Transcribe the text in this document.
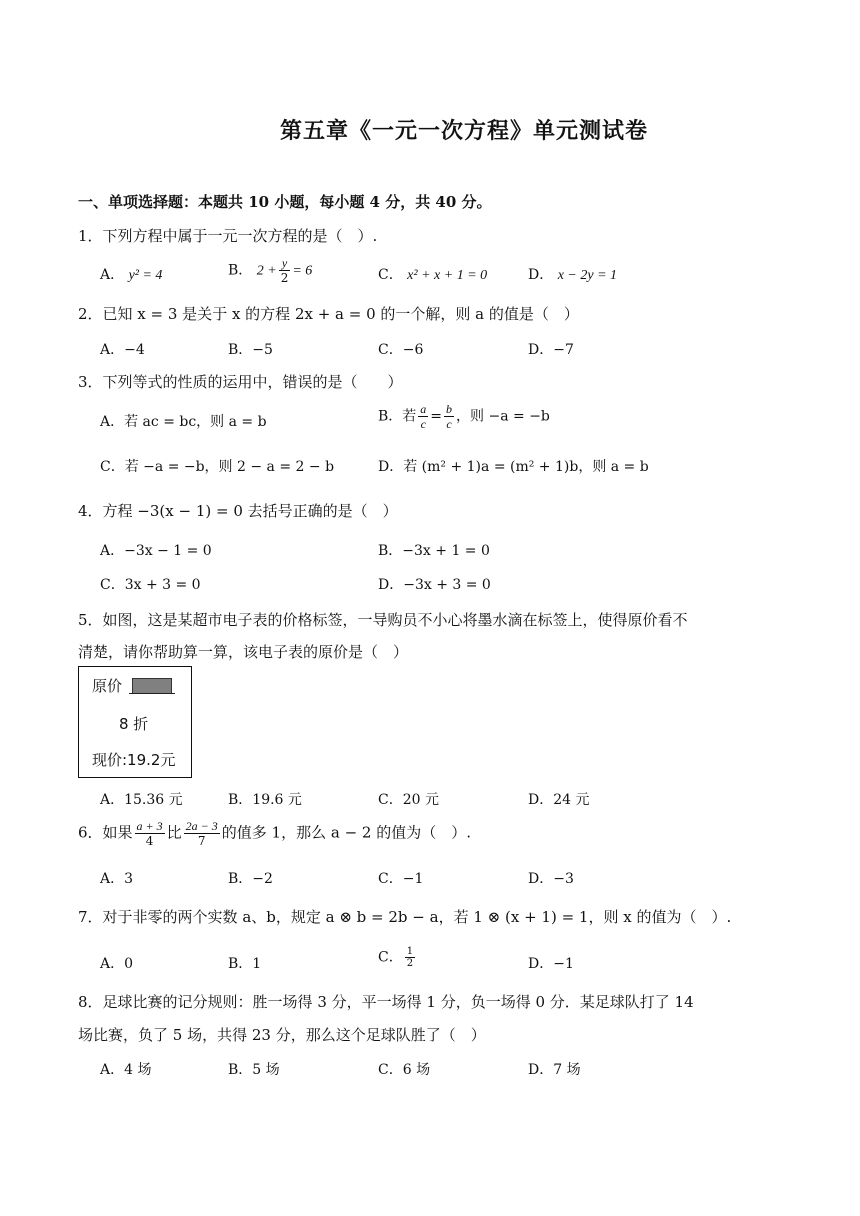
第五章《一元一次方程》单元测试卷
一、单项选择题：本题共 10 小题，每小题 4 分，共 40 分。
1．下列方程中属于一元一次方程的是（　）.
A． y² = 4	B． $2 + \frac{y}{2} = 6$	C． x² + x + 1 = 0	D． x − 2y = 1
2．已知 x = 3 是关于 x 的方程 2x + a = 0 的一个解，则 a 的值是（　）
A．−4	B．−5	C．−6	D．−7
3．下列等式的性质的运用中，错误的是（　　）
A．若 ac = bc，则 a = b	B．若 $\frac{a}{c} = \frac{b}{c}$ ，则 −a = −b
C．若 −a = −b，则 2 − a = 2 − b	D．若 (m² + 1)a = (m² + 1)b，则 a = b
4．方程 −3(x − 1) = 0 去括号正确的是（　）
A．−3x − 1 = 0	B．−3x + 1 = 0
C．3x + 3 = 0	D．−3x + 3 = 0
5．如图，这是某超市电子表的价格标签，一导购员不小心将墨水滴在标签上，使得原价看不
清楚，请你帮助算一算，该电子表的原价是（　）
原价
8 折
现价:19.2元
A．15.36 元	B．19.6 元	C．20 元	D．24 元
6．如果 $\frac{a + 3}{4}$ 比 $\frac{2a - 3}{7}$ 的值多 1，那么 a − 2 的值为（　）.
A．3	B．−2	C．−1	D．−3
7．对于非零的两个实数 a、b，规定 a ⊗ b = 2b − a，若 1 ⊗ (x + 1) = 1，则 x 的值为（　）.
A．0	B．1	C． $\frac{1}{2}$	D．−1
8．足球比赛的记分规则：胜一场得 3 分，平一场得 1 分，负一场得 0 分．某足球队打了 14
场比赛，负了 5 场，共得 23 分，那么这个足球队胜了（　）
A．4 场	B．5 场	C．6 场	D．7 场
